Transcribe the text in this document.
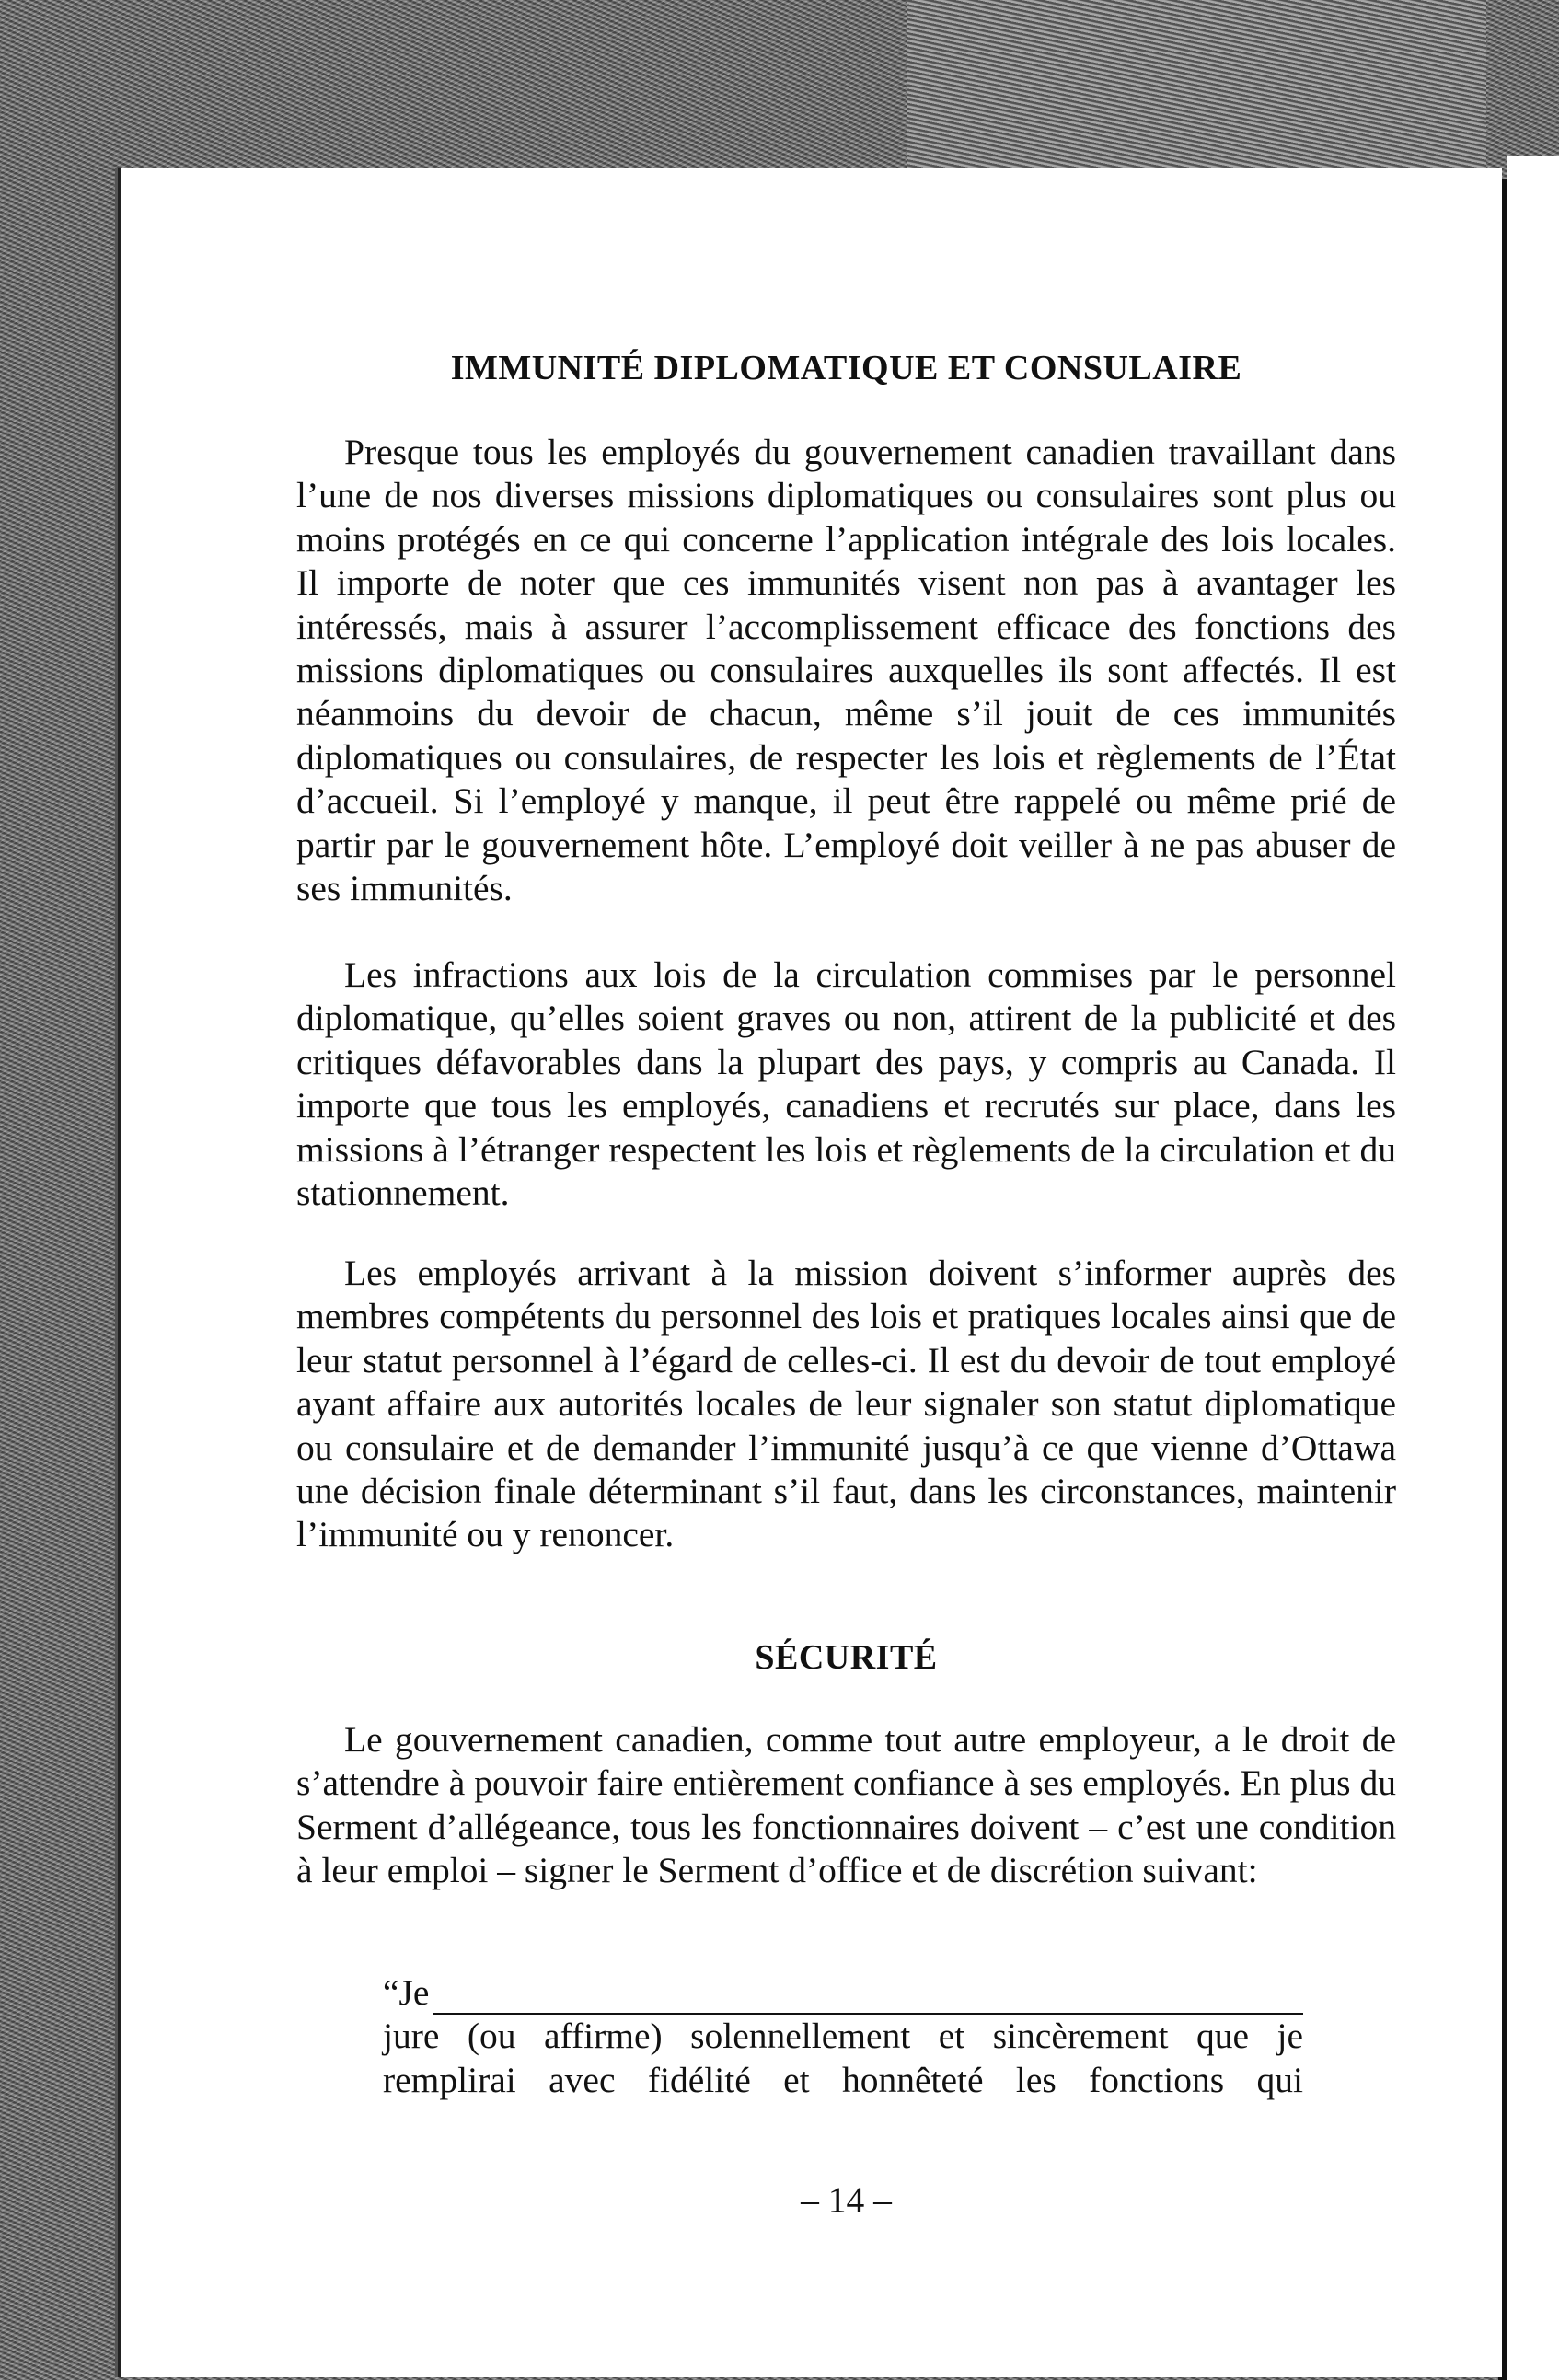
IMMUNITÉ DIPLOMATIQUE ET CONSULAIRE

Presque tous les employés du gouvernement canadien travaillant dans l’une de nos diverses missions diplomatiques ou consulaires sont plus ou moins protégés en ce qui concerne l’application intégrale des lois locales. Il importe de noter que ces immunités visent non pas à avantager les intéressés, mais à assurer l’accomplissement efficace des fonctions des missions diplomatiques ou consulaires auxquelles ils sont affectés. Il est néanmoins du devoir de chacun, même s’il jouit de ces immunités diplomatiques ou consulaires, de respecter les lois et règlements de l’État d’accueil. Si l’employé y manque, il peut être rappelé ou même prié de partir par le gouvernement hôte. L’employé doit veiller à ne pas abuser de ses immunités.

Les infractions aux lois de la circulation commises par le personnel diplomatique, qu’elles soient graves ou non, attirent de la publicité et des critiques défavorables dans la plupart des pays, y compris au Canada. Il importe que tous les employés, canadiens et recrutés sur place, dans les missions à l’étranger respectent les lois et règlements de la circulation et du stationnement.

Les employés arrivant à la mission doivent s’informer auprès des membres compétents du personnel des lois et pratiques locales ainsi que de leur statut personnel à l’égard de celles-ci. Il est du devoir de tout employé ayant affaire aux autorités locales de leur signaler son statut diplomatique ou consulaire et de demander l’immunité jusqu’à ce que vienne d’Ottawa une décision finale déterminant s’il faut, dans les circonstances, maintenir l’immunité ou y renoncer.

SÉCURITÉ

Le gouvernement canadien, comme tout autre employeur, a le droit de s’attendre à pouvoir faire entièrement confiance à ses employés. En plus du Serment d’allégeance, tous les fonctionnaires doivent – c’est une condition à leur emploi – signer le Serment d’office et de discrétion suivant:

“Je
jure (ou affirme) solennellement et sincèrement que je
remplirai avec fidélité et honnêteté les fonctions qui
– 14 –
